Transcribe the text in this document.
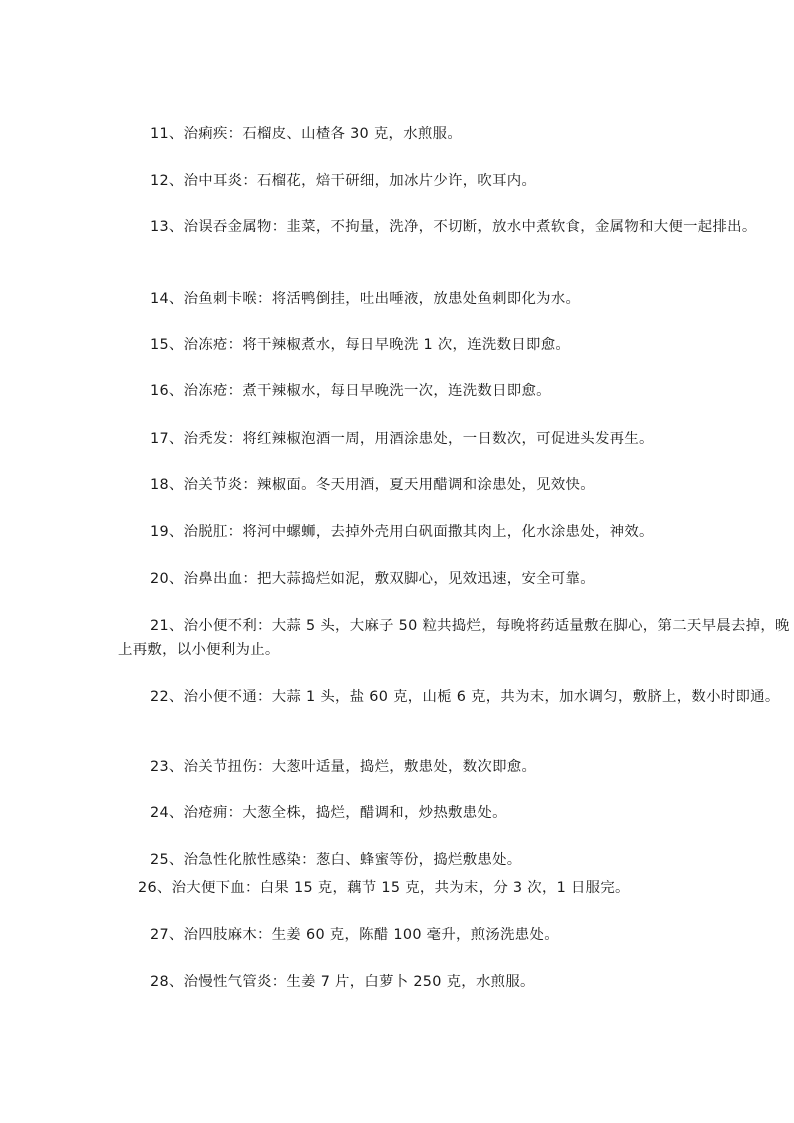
11、治痢疾：石榴皮、山楂各 30 克，水煎服。

12、治中耳炎：石榴花，焙干研细，加冰片少许，吹耳内。

13、治误吞金属物：韭菜，不拘量，洗净，不切断，放水中煮软食，金属物和大便一起排出。

14、治鱼刺卡喉：将活鸭倒挂，吐出唾液，放患处鱼刺即化为水。

15、治冻疮：将干辣椒煮水，每日早晚洗 1 次，连洗数日即愈。

16、治冻疮：煮干辣椒水，每日早晚洗一次，连洗数日即愈。

17、治秃发：将红辣椒泡酒一周，用酒涂患处，一日数次，可促进头发再生。

18、治关节炎：辣椒面。冬天用酒，夏天用醋调和涂患处，见效快。

19、治脱肛：将河中螺蛳，去掉外壳用白矾面撒其肉上，化水涂患处，神效。

20、治鼻出血：把大蒜捣烂如泥，敷双脚心，见效迅速，安全可靠。

21、治小便不利：大蒜 5 头，大麻子 50 粒共捣烂，每晚将药适量敷在脚心，第二天早晨去掉，晚上再敷，以小便利为止。

22、治小便不通：大蒜 1 头，盐 60 克，山栀 6 克，共为末，加水调匀，敷脐上，数小时即通。

23、治关节扭伤：大葱叶适量，捣烂，敷患处，数次即愈。

24、治疮痈：大葱全株，捣烂，醋调和，炒热敷患处。

25、治急性化脓性感染：葱白、蜂蜜等份，捣烂敷患处。

26、治大便下血：白果 15 克，藕节 15 克，共为末，分 3 次，1 日服完。

27、治四肢麻木：生姜 60 克，陈醋 100 毫升，煎汤洗患处。

28、治慢性气管炎：生姜 7 片，白萝卜 250 克，水煎服。
